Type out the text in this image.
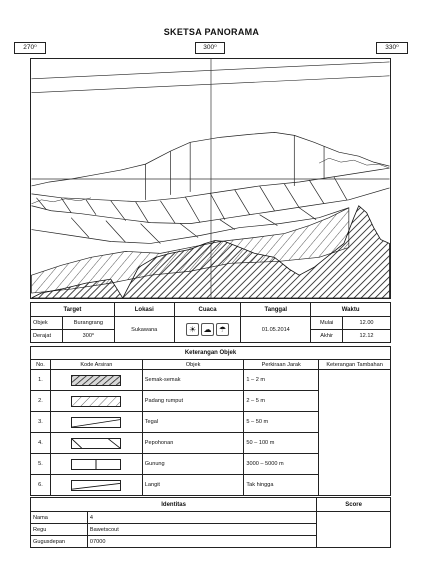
SKETSA PANORAMA
270⁰	300⁰	330⁰
Target		Lokasi	Cuaca	Tanggal	Waktu	
Objek	Burangrang	Sukawana	☀ ☁ ☂	01.05.2014	Mulai	12.00
Derajat	300⁰				Akhir	12.12
Keterangan Objek				
No.	Kode Arsiran	Objek	Perkiraan Jarak	Keterangan Tambahan
1.		Semak-semak	1 – 2 m	
2.		Padang rumput	2 – 5 m	
3.		Tegal	5 – 50 m	
4.		Pepohonan	50 – 100 m	
5.		Gunung	3000 – 5000 m	
6.		Langit	Tak hingga	
Identitas		Score
Nama	4	
Regu	Bawetscout	
Gugusdepan	07000	
